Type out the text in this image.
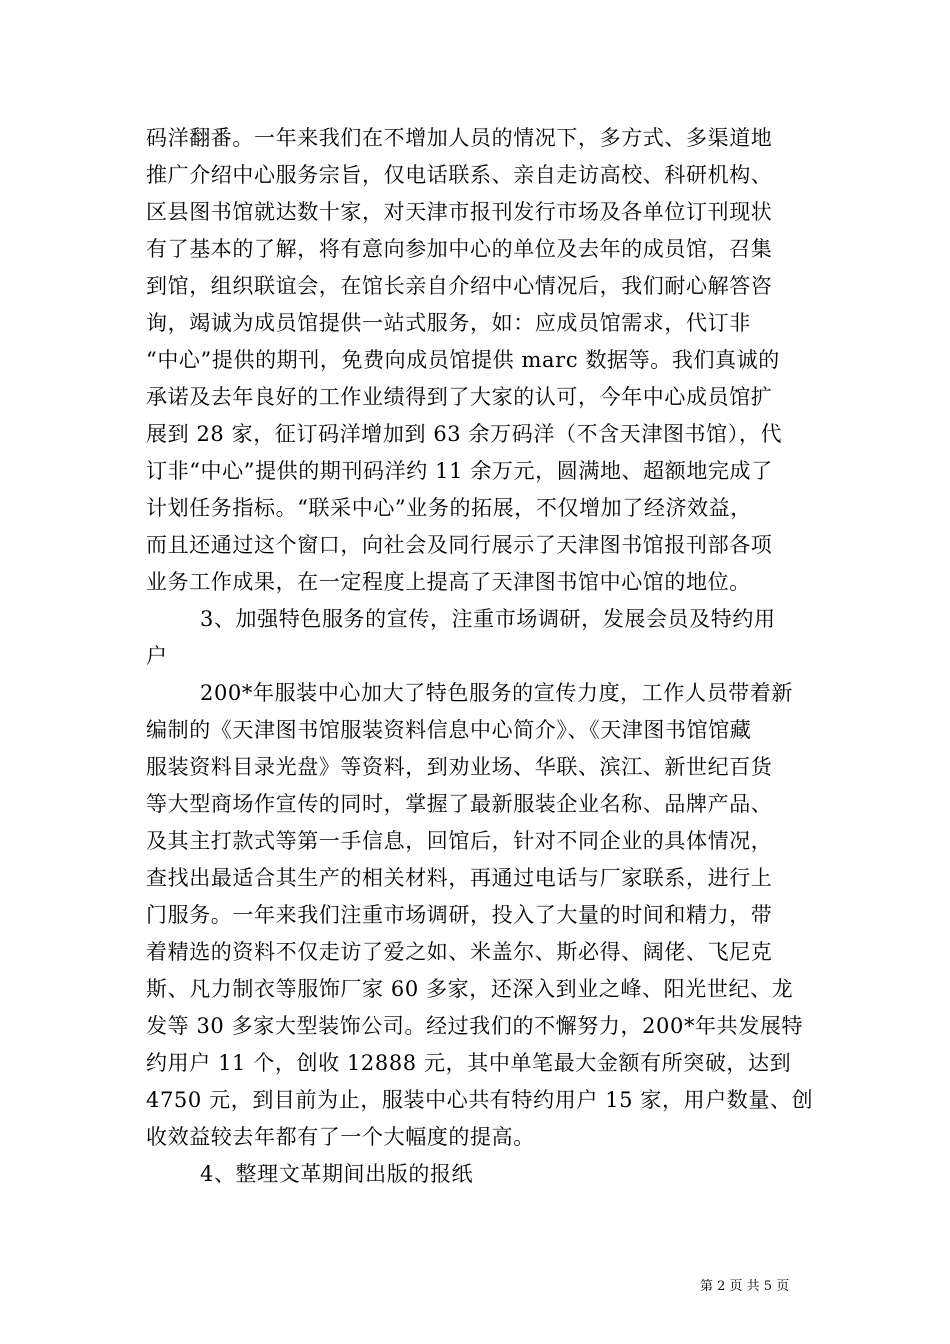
码洋翻番。一年来我们在不增加人员的情况下，多方式、多渠道地
推广介绍中心服务宗旨，仅电话联系、亲自走访高校、科研机构、
区县图书馆就达数十家，对天津市报刊发行市场及各单位订刊现状
有了基本的了解，将有意向参加中心的单位及去年的成员馆，召集
到馆，组织联谊会，在馆长亲自介绍中心情况后，我们耐心解答咨
询，竭诚为成员馆提供一站式服务，如：应成员馆需求，代订非
“中心”提供的期刊，免费向成员馆提供 marc 数据等。我们真诚的
承诺及去年良好的工作业绩得到了大家的认可，今年中心成员馆扩
展到 28 家，征订码洋增加到 63 余万码洋（不含天津图书馆），代
订非“中心”提供的期刊码洋约 11 余万元，圆满地、超额地完成了
计划任务指标。“联采中心”业务的拓展，不仅增加了经济效益，
而且还通过这个窗口，向社会及同行展示了天津图书馆报刊部各项
业务工作成果，在一定程度上提高了天津图书馆中心馆的地位。
3、加强特色服务的宣传，注重市场调研，发展会员及特约用
户
200*年服装中心加大了特色服务的宣传力度，工作人员带着新
编制的《天津图书馆服装资料信息中心简介》、《天津图书馆馆藏
服装资料目录光盘》等资料，到劝业场、华联、滨江、新世纪百货
等大型商场作宣传的同时，掌握了最新服装企业名称、品牌产品、
及其主打款式等第一手信息，回馆后，针对不同企业的具体情况，
查找出最适合其生产的相关材料，再通过电话与厂家联系，进行上
门服务。一年来我们注重市场调研，投入了大量的时间和精力，带
着精选的资料不仅走访了爱之如、米盖尔、斯必得、阔佬、飞尼克
斯、凡力制衣等服饰厂家 60 多家，还深入到业之峰、阳光世纪、龙
发等 30 多家大型装饰公司。经过我们的不懈努力，200*年共发展特
约用户 11 个，创收 12888 元，其中单笔最大金额有所突破，达到
4750 元，到目前为止，服装中心共有特约用户 15 家，用户数量、创
收效益较去年都有了一个大幅度的提高。
4、整理文革期间出版的报纸
第 2 页 共 5 页
